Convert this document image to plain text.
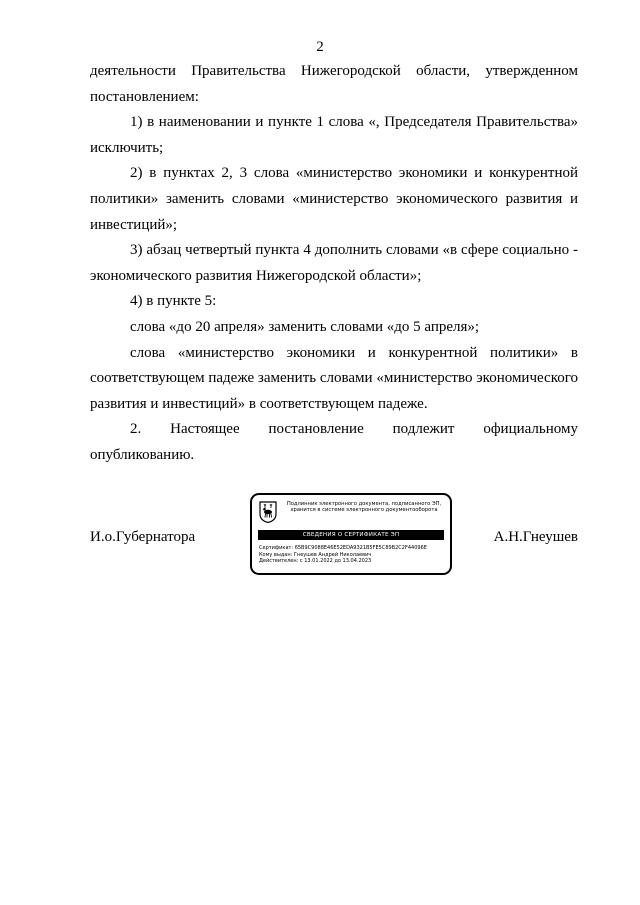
2

деятельности Правительства Нижегородской области, утвержденном постановлением:

1) в наименовании и пункте 1 слова «, Председателя Правительства» исключить;

2) в пунктах 2, 3 слова «министерство экономики и конкурентной политики» заменить словами «министерство экономического развития и инвестиций»;

3) абзац четвертый пункта 4 дополнить словами «в сфере социально - экономического развития Нижегородской области»;

4) в пункте 5:

слова «до 20 апреля» заменить словами «до 5 апреля»;

слова «министерство экономики и конкурентной политики» в соответствующем падеже заменить словами «министерство экономического развития и инвестиций» в соответствующем падеже.

2. Настоящее постановление подлежит официальному опубликованию.

И.о.Губернатора
Подлинник электронного документа, подписанного ЭП,
хранится в системе электронного документооборота
СВЕДЕНИЯ О СЕРТИФИКАТЕ ЭП
Сертификат: 65B9C9088E46E52EDA9321B5FE5C89B2C2F44096E
Кому выдан: Гнеушев Андрей Николаевич
Действителен: с 13.01.2022 до 13.04.2023
А.Н.Гнеушев
